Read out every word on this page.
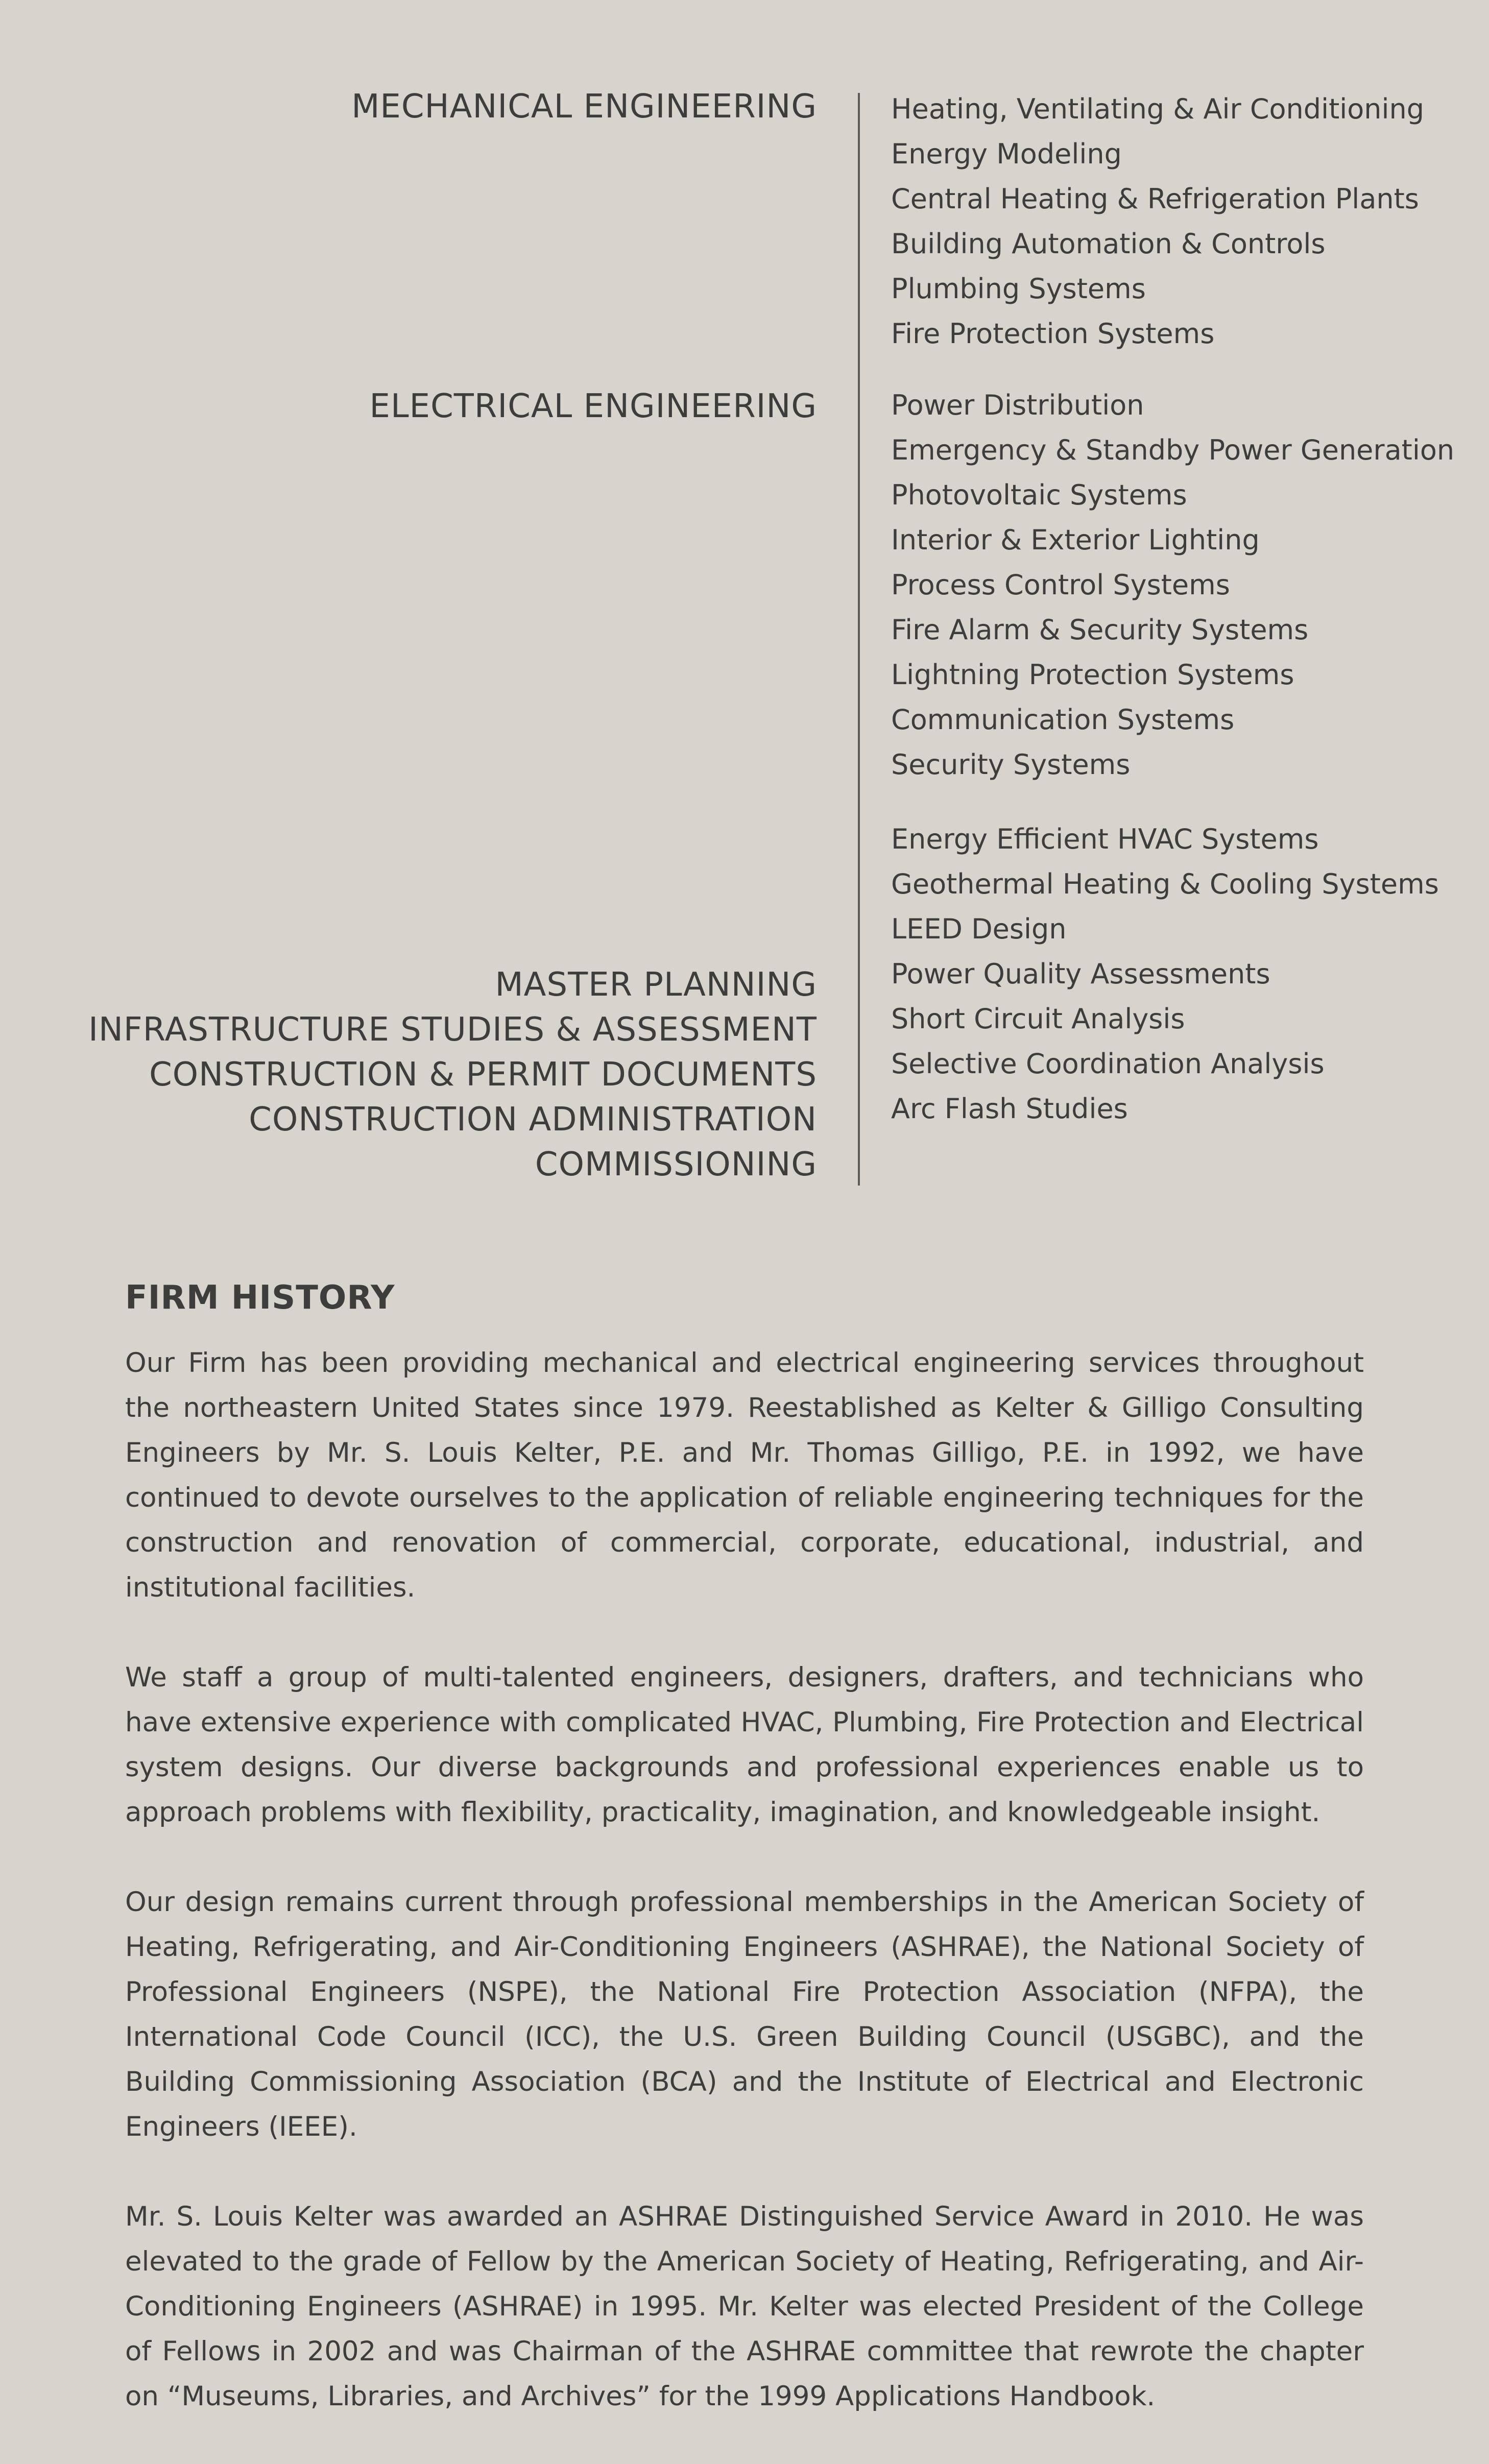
MECHANICAL ENGINEERING	Heating, Ventilating & Air Conditioning
Energy Modeling
Central Heating & Refrigeration Plants
Building Automation & Controls
Plumbing Systems
Fire Protection Systems
ELECTRICAL ENGINEERING	Power Distribution
Emergency & Standby Power Generation
Photovoltaic Systems
Interior & Exterior Lighting
Process Control Systems
Fire Alarm & Security Systems
Lightning Protection Systems
Communication Systems
Security Systems
MASTER PLANNING
INFRASTRUCTURE STUDIES & ASSESSMENT
CONSTRUCTION & PERMIT DOCUMENTS
CONSTRUCTION ADMINISTRATION
COMMISSIONING
Energy Efficient HVAC Systems
Geothermal Heating & Cooling Systems
LEED Design
Power Quality Assessments
Short Circuit Analysis
Selective Coordination Analysis
Arc Flash Studies
FIRM HISTORY

Our Firm has been providing mechanical and electrical engineering services throughout the northeastern United States since 1979. Reestablished as Kelter & Gilligo Consulting Engineers by Mr. S. Louis Kelter, P.E. and Mr. Thomas Gilligo, P.E. in 1992, we have continued to devote ourselves to the application of reliable engineering techniques for the construction and renovation of commercial, corporate, educational, industrial, and institutional facilities.

We staff a group of multi-talented engineers, designers, drafters, and technicians who have extensive experience with complicated HVAC, Plumbing, Fire Protection and Electrical system designs. Our diverse backgrounds and professional experiences enable us to approach problems with flexibility, practicality, imagination, and knowledgeable insight.

Our design remains current through professional memberships in the American Society of Heating, Refrigerating, and Air-Conditioning Engineers (ASHRAE), the National Society of Professional Engineers (NSPE), the National Fire Protection Association (NFPA), the International Code Council (ICC), the U.S. Green Building Council (USGBC), and the Building Commissioning Association (BCA) and the Institute of Electrical and Electronic Engineers (IEEE).

Mr. S. Louis Kelter was awarded an ASHRAE Distinguished Service Award in 2010. He was elevated to the grade of Fellow by the American Society of Heating, Refrigerating, and Air-Conditioning Engineers (ASHRAE) in 1995. Mr. Kelter was elected President of the College of Fellows in 2002 and was Chairman of the ASHRAE committee that rewrote the chapter on “Museums, Libraries, and Archives” for the 1999 Applications Handbook.
